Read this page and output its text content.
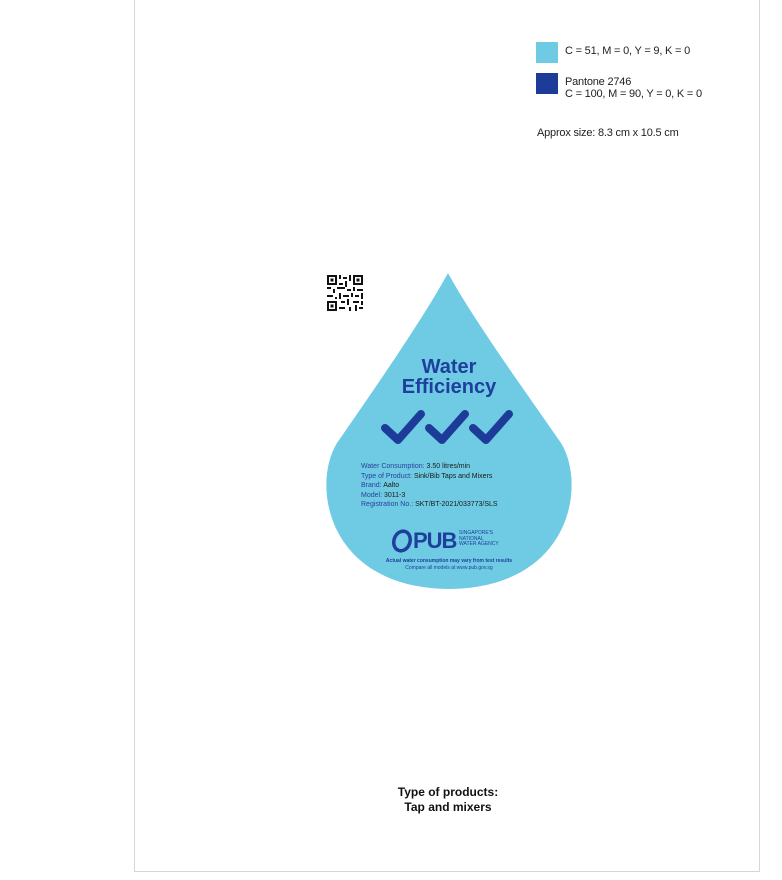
C = 51, M = 0, Y = 9, K = 0
Pantone 2746
C = 100, M = 90, Y = 0, K = 0
Approx size: 8.3 cm x 10.5 cm
Water
Efficiency
Water Consumption: 3.50 litres/min
Type of Product: Sink/Bib Taps and Mixers
Brand: Aalto
Model: 3011-3
Registration No.: SKT/BT-2021/033773/SLS
PUB SINGAPORE'S
NATIONAL
WATER AGENCY
Actual water consumption may vary from test results
Compare all models at www.pub.gov.sg
Type of products:
Tap and mixers
